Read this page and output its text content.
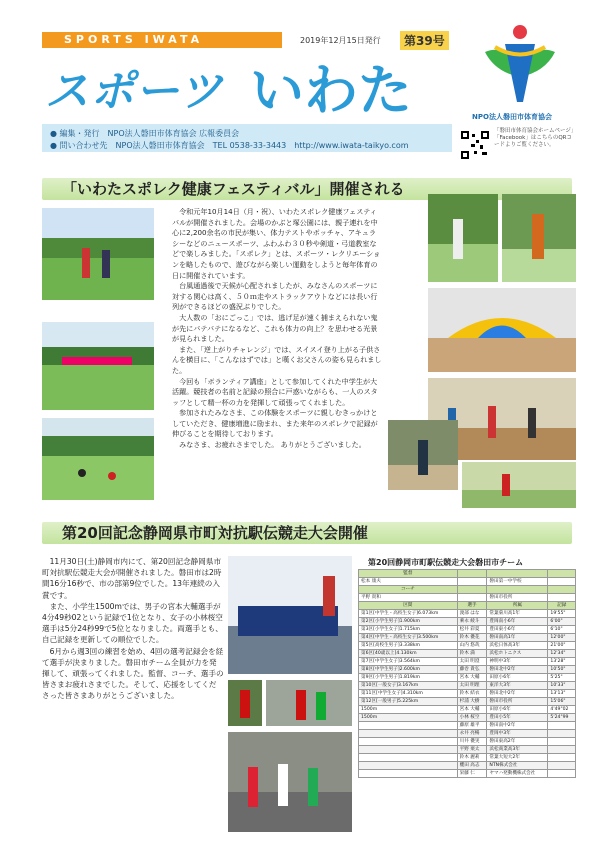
SPORTS IWATA	2019年12月15日発行	第39号
スポーツ いわた	NPO法人磐田市体育協会
● 編集・発行　NPO法人磐田市体育協会 広報委員会
● 問い合わせ先　NPO法人磐田市体育協会　TEL 0538-33-3443　http://www.iwata-taikyo.com
「磐田市体育協会ホームページ」「Facebook」はこちらのQRコードよりご覧ください。
「いわたスポレク健康フェスティバル」開催される

令和元年10月14日（月・祝）、いわたスポレク健康フェスティバルが開催されました。会場のかぶと塚公園には、親子連れを中心に2,200余名の市民が集い、体力テストやボッチャ、アキュラシーなどのニュースポーツ、ふわふわ３０秒や剣道・弓道教室などで楽しみました。「スポレク」とは、スポーツ・レクリエーションを略したもので、遊びながら楽しい運動をしようと毎年体育の日に開催されています。

台風通過後で天候が心配されましたが、みなさんのスポーツに対する関心は高く、５０ｍ走やストラックアウトなどには長い行列ができるほどの盛況ぶりでした。

大人数の「おにごっこ」では、逃げ足が速く捕まえられない鬼が先にバテバテになるなど、これも体力の向上？を思わせる光景が見られました。

また、「逆上がりチャレンジ」では、スイスイ登り上がる子供さんを横目に、「こんなはずでは」と嘆くお父さんの姿も見られました。

今回も「ボランティア講座」として参加してくれた中学生が大活躍。競技者の名前と記録の照合に戸惑いながらも、一人のスタッフとして精一杯の力を発揮して頑張ってくれました。

参加されたみなさま、この体験をスポーツに親しむきっかけとしていただき、健康増進に励まれ、また来年のスポレクで記録が伸びることを期待しております。

みなさま、お疲れさまでした。 ありがとうございました。

第20回記念静岡県市町対抗駅伝競走大会開催

11月30日(土)静岡市内にて、第20回記念静岡県市町対抗駅伝競走大会が開催されました。磐田市は2時間16分16秒で、市の部第9位でした。13年連続の入賞です。

また、小学生1500mでは、男子の宮本大輔選手が4分49秒02という記録で1位となり、女子の小林桜空選手は5分24秒99で5位となりました。両選手とも、自己記録を更新しての順位でした。

6月から週3回の練習を始め、4回の選考記録会を経て選手が決まりました。磐田市チーム全員が力を発揮して、頑張ってくれました。監督、コーチ、選手の皆さまお疲れさまでした。そして、応援をしてくださった皆さまありがとうございました。

第20回静岡市町駅伝競走大会磐田市チーム
監督			
松本 康夫		磐田第一中学校	
コーチ			
平野 貴和		磐田市役所	
区間	選手	所属	記録
第1区[中学生・高校生女子]6.073km	渡部 はな	常葉菊川高1年	19'55"
第2区[小学生男子]1.900km	乘永 綾斗	豊岡南小6年	6'00"
第3区[小学生女子]1.715km	松井 彩夏	豊田東小6年	6'10"
第4区[中学生・高校生女子]3.500km	鈴木 優花	磐田南高1年	12'00"
第5区[高校生男子]3.338km	山内 悠哉	浜松日体高3年	21'00"
第6区[40歳以上]4.130km	鈴木 満	浜松ホトニクス	12'34"
第7区[中学生女子]3.564km	太田 明澄	神明中3年	13'28"
第8区[中学生男子]2.600km	藤巻 貴弘	磐田北中2年	10'50"
第9区[小学生男子]1.819km	宮本 大輔	田原小6年	5'25"
第10区[一般女子]3.167km	太田 明理	東洋大3年	10'33"
第11区[中学生女子]4.310km	鈴木 結衣	磐田北中2年	13'13"
第12区[一般男子]5.225km	杉浦 大樹	磐田市役所	15'06"
1500m	宮本 大輔	田原小6年	4'49"02
1500m	小林 桜空	豊田小5年	5'24"99
	藤原 雄平	磐田南中2年	
	永井 亮暢	豊岡中3年	
	川井 優実	磐田東高2年	
	平野 栗太	浜松商業高3年	
	鈴木 麗莉	常葉大短大2年	
	櫻田 高志	NTN株式会社	
	栄藤 仁	ヤマハ発動機株式会社	
